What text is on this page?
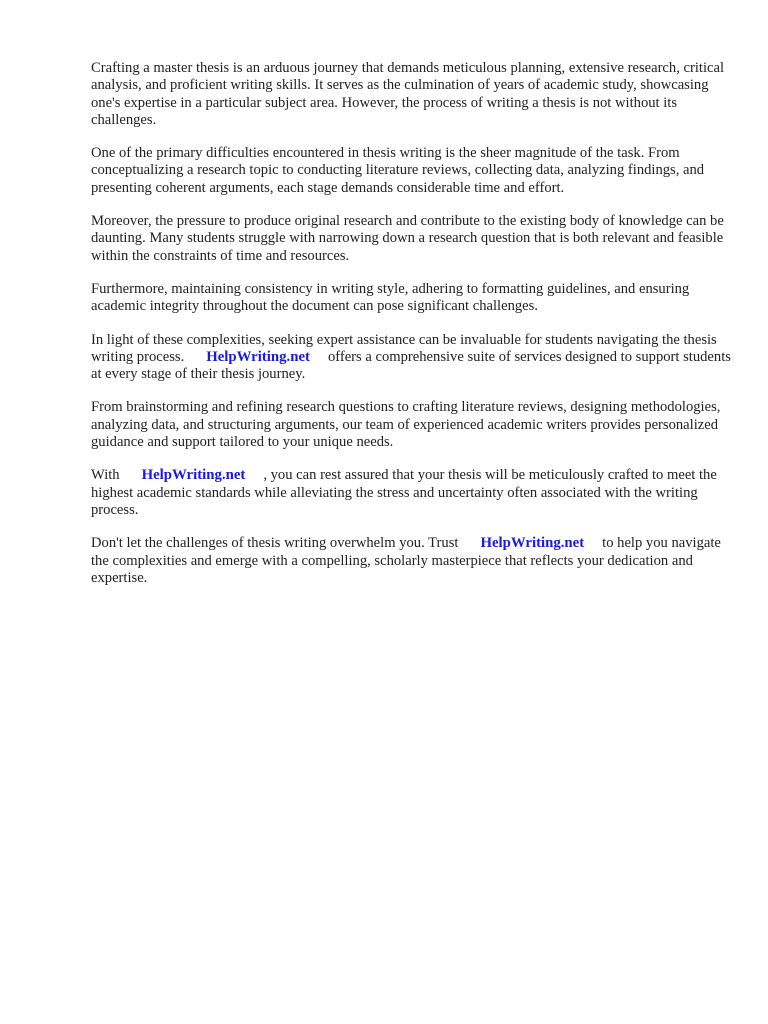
Crafting a master thesis is an arduous journey that demands meticulous planning, extensive research, critical analysis, and proficient writing skills. It serves as the culmination of years of academic study, showcasing one's expertise in a particular subject area. However, the process of writing a thesis is not without its challenges.

One of the primary difficulties encountered in thesis writing is the sheer magnitude of the task. From conceptualizing a research topic to conducting literature reviews, collecting data, analyzing findings, and presenting coherent arguments, each stage demands considerable time and effort.

Moreover, the pressure to produce original research and contribute to the existing body of knowledge can be daunting. Many students struggle with narrowing down a research question that is both relevant and feasible within the constraints of time and resources.

Furthermore, maintaining consistency in writing style, adhering to formatting guidelines, and ensuring academic integrity throughout the document can pose significant challenges.

In light of these complexities, seeking expert assistance can be invaluable for students navigating the thesis writing process. HelpWriting.net offers a comprehensive suite of services designed to support students at every stage of their thesis journey.

From brainstorming and refining research questions to crafting literature reviews, designing methodologies, analyzing data, and structuring arguments, our team of experienced academic writers provides personalized guidance and support tailored to your unique needs.

With HelpWriting.net , you can rest assured that your thesis will be meticulously crafted to meet the highest academic standards while alleviating the stress and uncertainty often associated with the writing process.

Don't let the challenges of thesis writing overwhelm you. Trust HelpWriting.net to help you navigate the complexities and emerge with a compelling, scholarly masterpiece that reflects your dedication and expertise.
